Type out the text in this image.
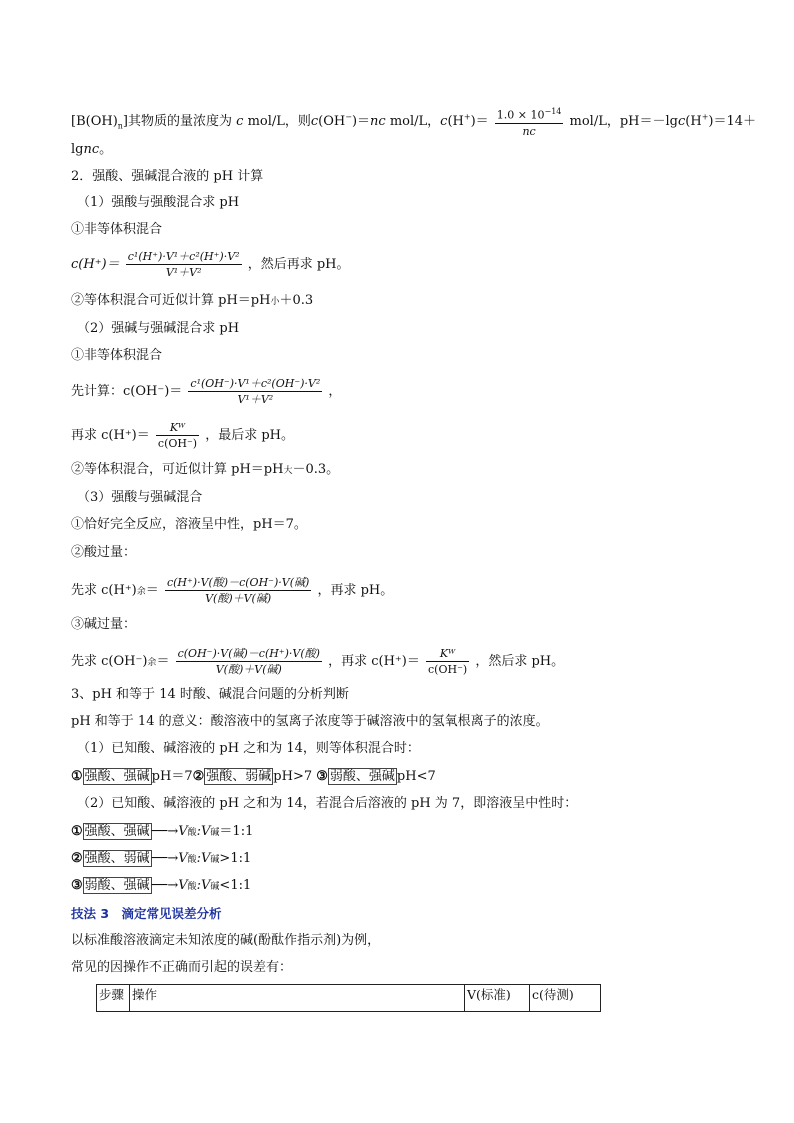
$[B(OH)_n]$其物质的量浓度为 c mol/L，则c(OH−)＝nc mol/L，$c(H^+)= \frac{1.0 \times 10^{-14}}{nc} mol/L$，pH＝－lgc(H+)＝14＋
lgnc。
2．强酸、强碱混合液的 pH 计算
（1）强酸与强酸混合求 pH
①非等体积混合
$c(H^+)= \frac{\text{c¹(H⁺)·V¹＋c²(H⁺)·V²}}{\text{V¹＋V²}}$ ，然后再求 pH。
②等体积混合可近似计算 pH＝pH小＋0.3
（2）强碱与强碱混合求 pH
①非等体积混合
先计算：$c(OH^-)= \frac{\text{c¹(OH⁻)·V¹＋c²(OH⁻)·V²}}{\text{V¹＋V²}}$ ，
再求 $c(H^+)= \frac{\text{Kᵂ}}{c(OH^-)}$ ，最后求 pH。
②等体积混合，可近似计算 pH＝pH大－0.3。
（3）强酸与强碱混合
①恰好完全反应，溶液呈中性，pH＝7。
②酸过量：
先求 c(H⁺)余＝ $\frac{\text{c(H⁺)·V(酸)－c(OH⁻)·V(碱)}}{\text{V(酸)＋V(碱)}}$ ，再求 pH。
③碱过量：
先求 c(OH⁻)余＝ $\frac{\text{c(OH⁻)·V(碱)－c(H⁺)·V(酸)}}{\text{V(酸)＋V(碱)}}$ ，再求 $c(H^+)= \frac{\text{Kᵂ}}{c(OH^-)}$ ，然后求 pH。
3、pH 和等于 14 时酸、碱混合问题的分析判断
pH 和等于 14 的意义：酸溶液中的氢离子浓度等于碱溶液中的氢氧根离子的浓度。
（1）已知酸、碱溶液的 pH 之和为 14，则等体积混合时：
① 强酸、强碱 pH＝7② 强酸、弱碱 pH>7 ③ 弱酸、强碱 pH<7
（2）已知酸、碱溶液的 pH 之和为 14，若混合后溶液的 pH 为 7，即溶液呈中性时：
① 强酸、强碱 ──→V酸:V碱＝1:1
② 强酸、弱碱 ──→V酸:V碱>1:1
③ 弱酸、强碱 ──→V酸:V碱<1:1
技法 3　滴定常见误差分析
以标准酸溶液滴定未知浓度的碱(酚酞作指示剂)为例，
常见的因操作不正确而引起的误差有：
步骤	操作	V(标准)	c(待测)
